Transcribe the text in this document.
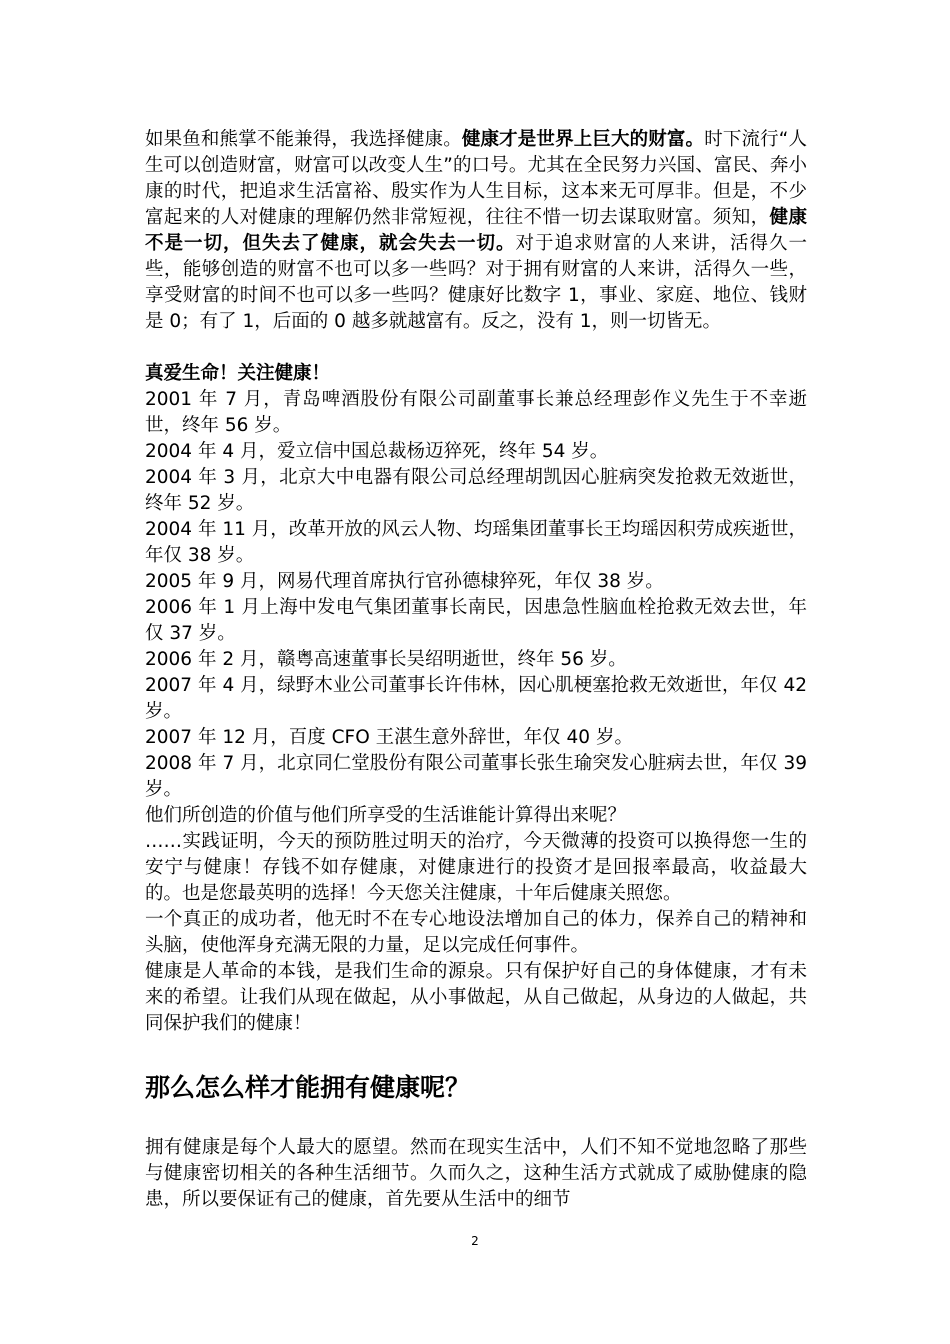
如果鱼和熊掌不能兼得，我选择健康。健康才是世界上巨大的财富。时下流行“人生可以创造财富，财富可以改变人生”的口号。尤其在全民努力兴国、富民、奔小康的时代，把追求生活富裕、殷实作为人生目标，这本来无可厚非。但是，不少富起来的人对健康的理解仍然非常短视，往往不惜一切去谋取财富。须知，健康不是一切，但失去了健康，就会失去一切。对于追求财富的人来讲，活得久一些，能够创造的财富不也可以多一些吗？对于拥有财富的人来讲，活得久一些，享受财富的时间不也可以多一些吗？健康好比数字 1，事业、家庭、地位、钱财是 0；有了 1，后面的 0 越多就越富有。反之，没有 1，则一切皆无。

真爱生命！关注健康！

2001 年 7 月，青岛啤酒股份有限公司副董事长兼总经理彭作义先生于不幸逝世，终年 56 岁。

2004 年 4 月，爱立信中国总裁杨迈猝死，终年 54 岁。

2004 年 3 月，北京大中电器有限公司总经理胡凯因心脏病突发抢救无效逝世，终年 52 岁。

2004 年 11 月，改革开放的风云人物、均瑶集团董事长王均瑶因积劳成疾逝世，年仅 38 岁。

2005 年 9 月，网易代理首席执行官孙德棣猝死，年仅 38 岁。

2006 年 1 月上海中发电气集团董事长南民，因患急性脑血栓抢救无效去世，年仅 37 岁。

2006 年 2 月，赣粤高速董事长吴绍明逝世，终年 56 岁。

2007 年 4 月，绿野木业公司董事长许伟林，因心肌梗塞抢救无效逝世，年仅 42 岁。

2007 年 12 月，百度 CFO 王湛生意外辞世，年仅 40 岁。

2008 年 7 月，北京同仁堂股份有限公司董事长张生瑜突发心脏病去世，年仅 39 岁。

他们所创造的价值与他们所享受的生活谁能计算得出来呢？

……实践证明，今天的预防胜过明天的治疗，今天微薄的投资可以换得您一生的安宁与健康！存钱不如存健康，对健康进行的投资才是回报率最高，收益最大的。也是您最英明的选择！今天您关注健康，十年后健康关照您。

一个真正的成功者，他无时不在专心地设法增加自己的体力，保养自己的精神和头脑，使他浑身充满无限的力量，足以完成任何事件。

健康是人革命的本钱，是我们生命的源泉。只有保护好自己的身体健康，才有未来的希望。让我们从现在做起，从小事做起，从自己做起，从身边的人做起，共同保护我们的健康！

那么怎么样才能拥有健康呢？

拥有健康是每个人最大的愿望。然而在现实生活中，人们不知不觉地忽略了那些与健康密切相关的各种生活细节。久而久之，这种生活方式就成了威胁健康的隐患，所以要保证有己的健康，首先要从生活中的细节

2
